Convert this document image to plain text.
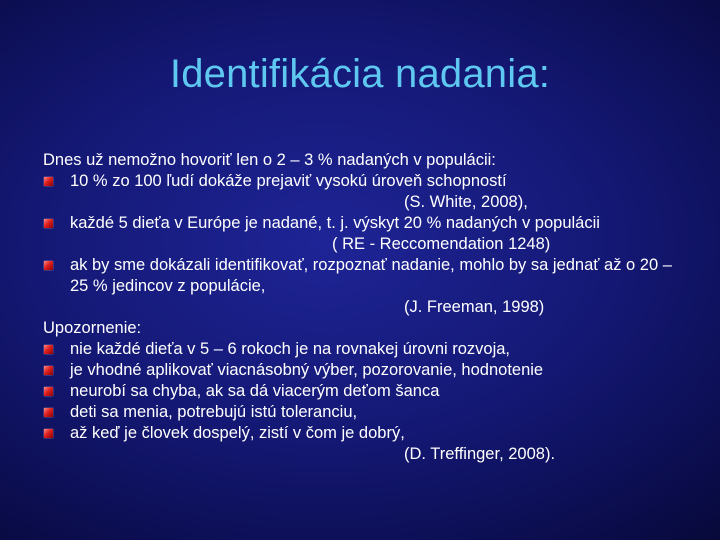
Identifikácia nadania:
Dnes už nemožno hovoriť len o 2 – 3 % nadaných v populácii:
10 % zo 100 ľudí dokáže prejaviť vysokú úroveň schopností
(S. White, 2008),
každé 5 dieťa v Európe je nadané, t. j. výskyt 20 % nadaných v populácii
( RE - Reccomendation 1248)
ak by sme dokázali identifikovať, rozpoznať nadanie, mohlo by sa jednať až o 20 – 25 % jedincov z populácie,
(J. Freeman, 1998)
Upozornenie:
nie každé dieťa v 5 – 6 rokoch je na rovnakej úrovni rozvoja,
je vhodné aplikovať viacnásobný výber, pozorovanie, hodnotenie
neurobí sa chyba, ak sa dá viacerým deťom šanca
deti sa menia, potrebujú istú toleranciu,
až keď je človek dospelý, zistí v čom je dobrý,
(D. Treffinger, 2008).
